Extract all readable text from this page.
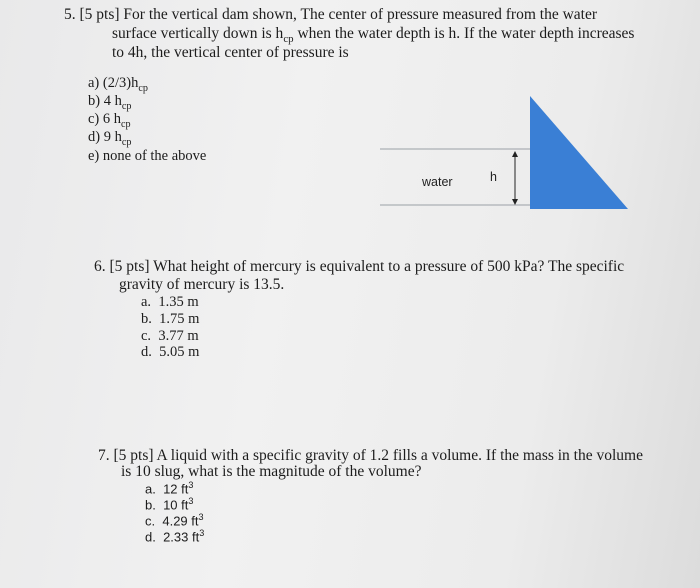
5. [5 pts] For the vertical dam shown, The center of pressure measured from the water
surface vertically down is $h_{cp}$ when the water depth is h. If the water depth increases
to 4h, the vertical center of pressure is
a) $(2/3)h_{cp}$
b) 4 $h_{cp}$
c) 6 $h_{cp}$
d) 9 $h_{cp}$
e) none of the above
water	h
6. [5 pts] What height of mercury is equivalent to a pressure of 500 kPa? The specific
gravity of mercury is 13.5.
a. 1.35 m
b. 1.75 m
c. 3.77 m
d. 5.05 m
7. [5 pts] A liquid with a specific gravity of 1.2 fills a volume. If the mass in the volume
is 10 slug, what is the magnitude of the volume?
a. 12 $ft^3$
b. 10 $ft^3$
c. 4.29 $ft^3$
d. 2.33 $ft^3$
